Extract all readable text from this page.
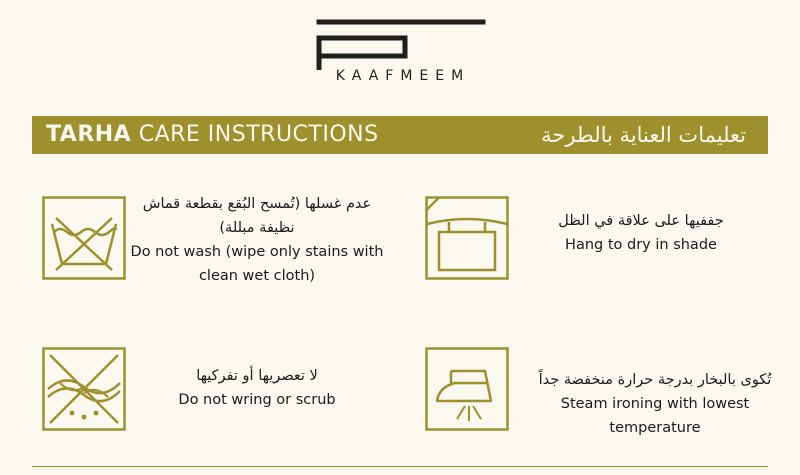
KAAFMEEM
TARHA CARE INSTRUCTIONS	تعليمات العناية بالطرحة
عدم غسلها (تُمسح البُقع بقطعة قماش
نظيفة مبللة)
Do not wash (wipe only stains with
clean wet cloth)
جففيها على علاقة في الظل
Hang to dry in shade
لا تعصريها أو تفركيها
Do not wring or scrub
تُكوى بالبخار بدرجة حرارة منخفضة جداً
Steam ironing with lowest temperature
